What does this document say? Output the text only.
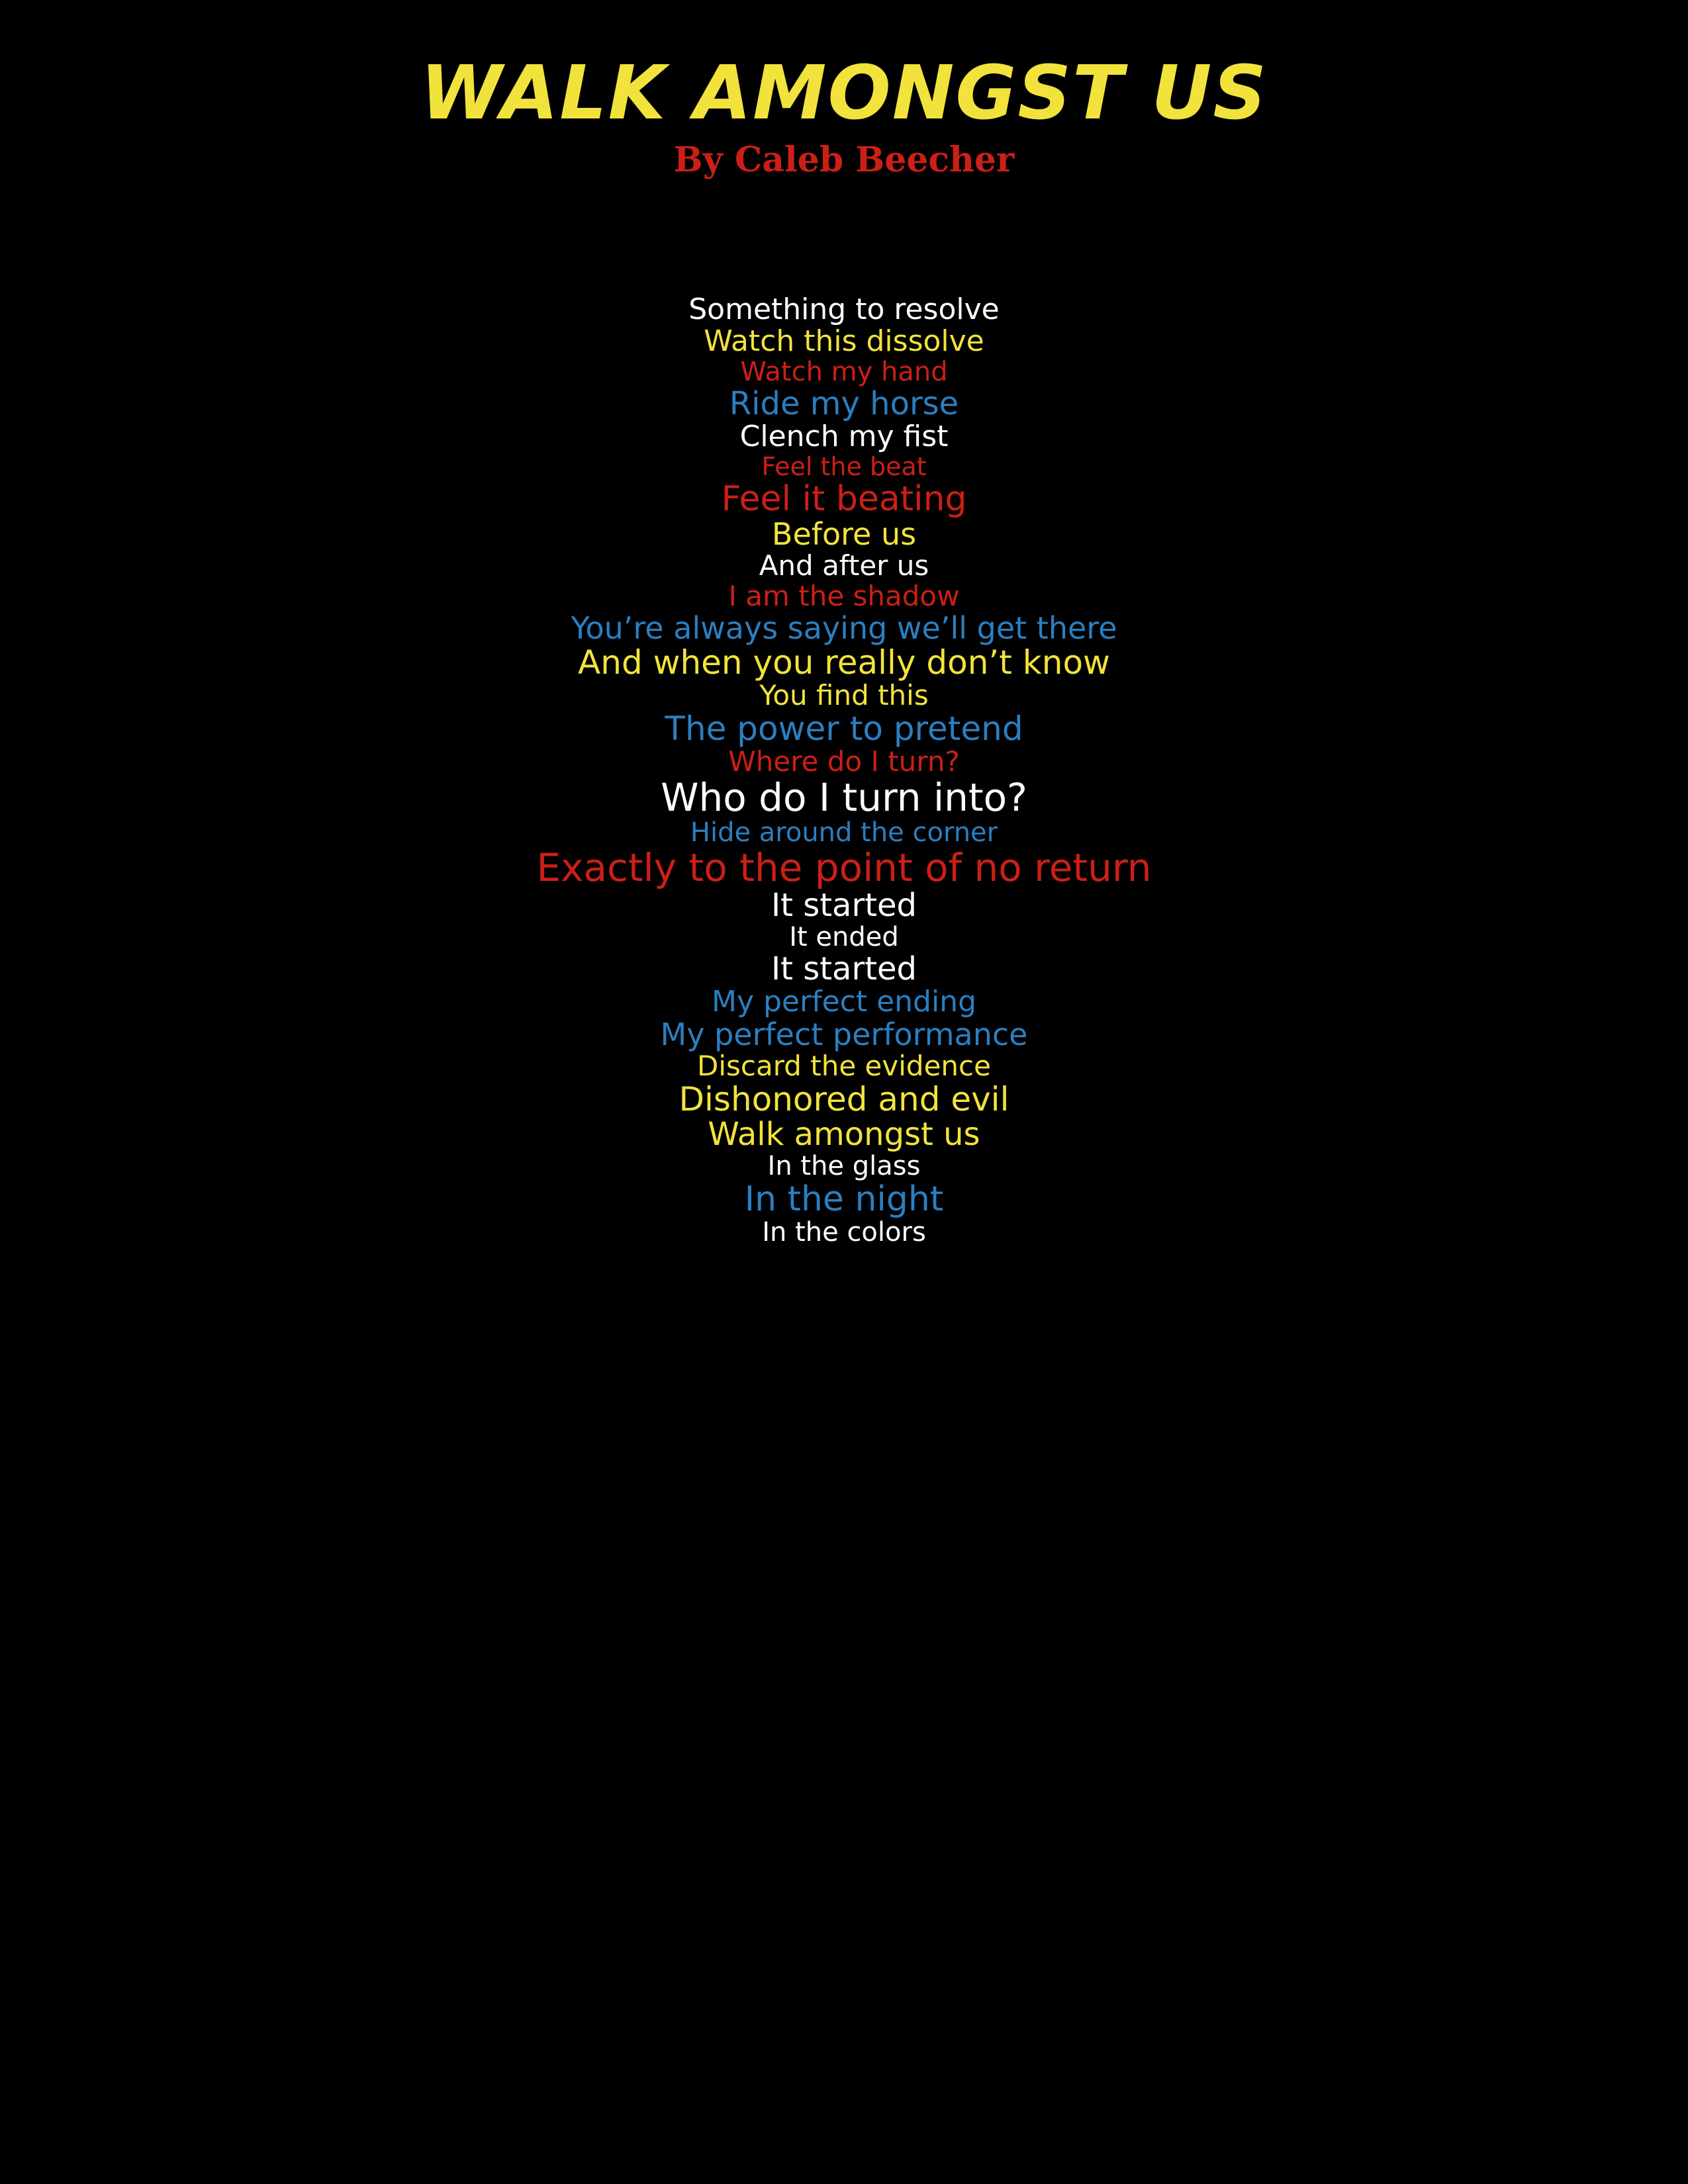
WALK AMONGST US
By Caleb Beecher
Something to resolve
Watch this dissolve
Watch my hand
Ride my horse
Clench my fist
Feel the beat
Feel it beating
Before us
And after us
I am the shadow
You’re always saying we’ll get there
And when you really don’t know
You find this
The power to pretend
Where do I turn?
Who do I turn into?
Hide around the corner
Exactly to the point of no return
It started
It ended
It started
My perfect ending
My perfect performance
Discard the evidence
Dishonored and evil
Walk amongst us
In the glass
In the night
In the colors
